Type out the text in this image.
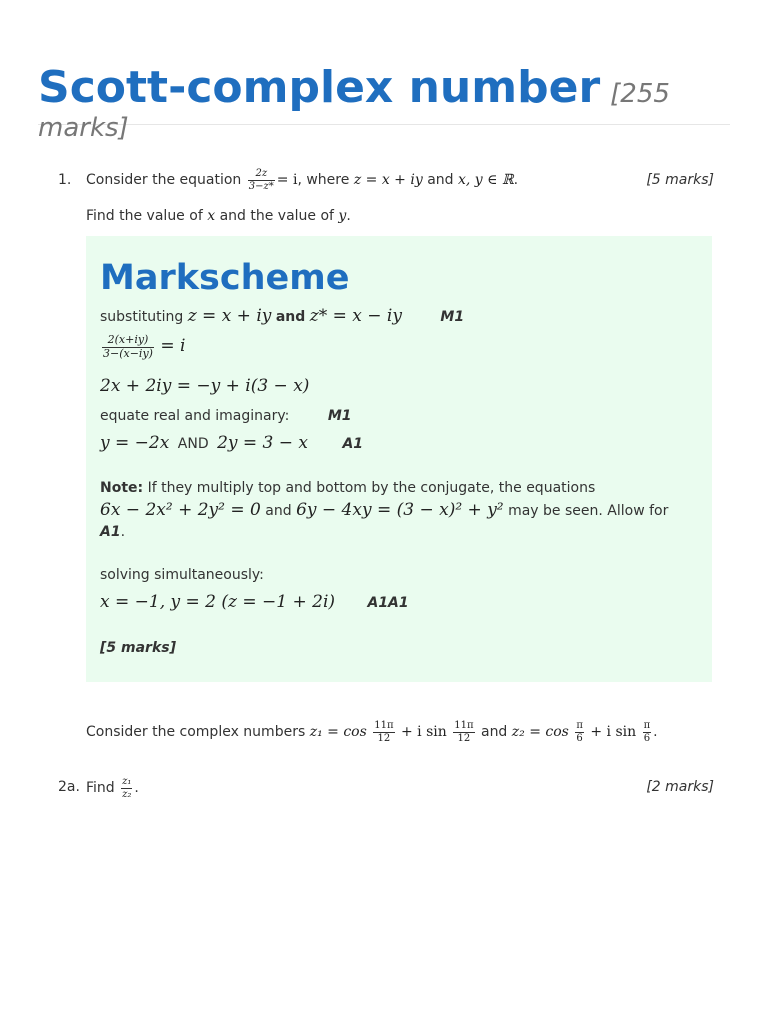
Scott-complex number [255 marks]
1.	[5 marks]
Consider the equation $\frac{2z}{3-z*} = i$, where z = x + iy and x, y ∈ ℝ.
Find the value of x and the value of y.
Markscheme
substituting z = x + iy and z* = x − iy	M1
$\frac{2(x+iy)}{3-(x-iy)} = i$
2x + 2iy = −y + i(3 − x)
equate real and imaginary:	M1
y = −2x AND 2y = 3 − x A1
Note: If they multiply top and bottom by the conjugate, the equations
6x − 2x² + 2y² = 0 and 6y − 4xy = (3 − x)² + y² may be seen. Allow for
A1.
solving simultaneously:
x = −1, y = 2 (z = −1 + 2i) A1A1
[5 marks]
Consider the complex numbers $z_1 = \cos \frac{11\pi}{12} + i$ $\sin \frac{11\pi}{12}$ and $z_2 = \cos \frac{\pi}{6} + i$ $\sin \frac{\pi}{6}$ .
2a.	[2 marks]
Find $\frac{\text{z₁}}{\text{z₂}}$ .
